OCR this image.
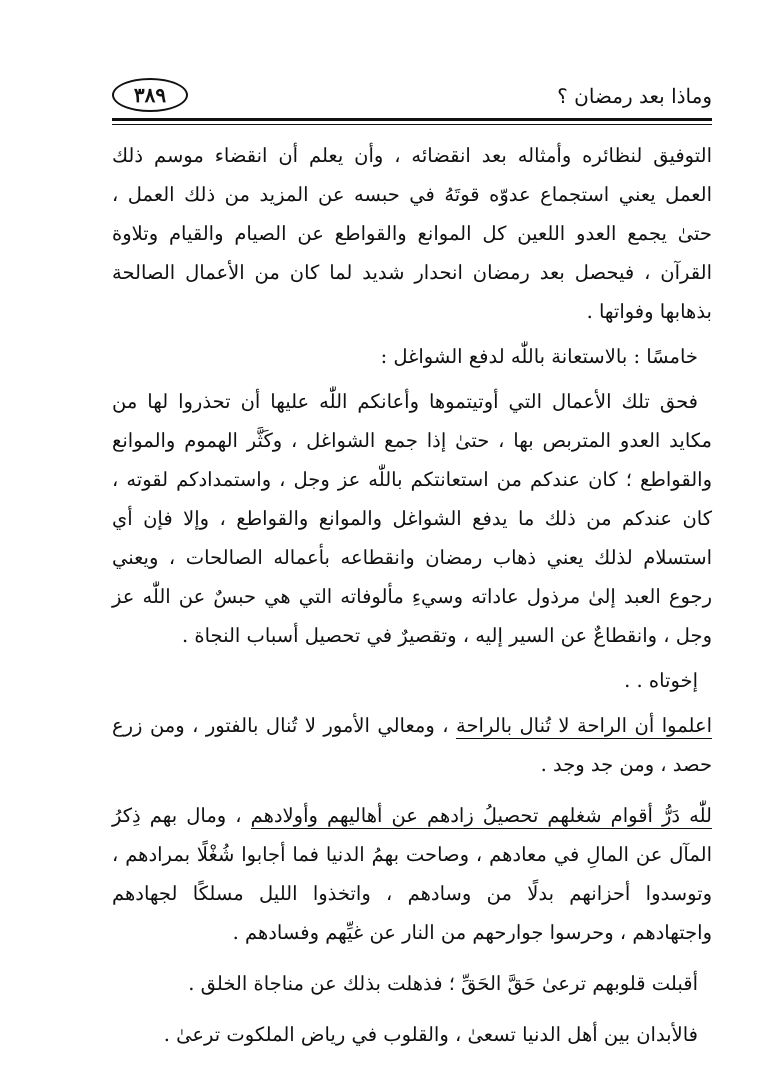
وماذا بعد رمضان ؟
٣٨٩

التوفيق لنظائره وأمثاله بعد انقضائه ، وأن يعلم أن انقضاء موسم ذلك العمل يعني استجماع عدوّه قوتَهُ في حبسه عن المزيد من ذلك العمل ، حتىٰ يجمع العدو اللعين كل الموانع والقواطع عن الصيام والقيام وتلاوة القرآن ، فيحصل بعد رمضان انحدار شديد لما كان من الأعمال الصالحة بذهابها وفواتها .

خامسًا : بالاستعانة باللّٰه لدفع الشواغل :

فحق تلك الأعمال التي أوتيتموها وأعانكم اللّٰه عليها أن تحذروا لها من مكايد العدو المتربص بها ، حتىٰ إذا جمع الشواغل ، وكَثَّر الهموم والموانع والقواطع ؛ كان عندكم من استعانتكم باللّٰه عز وجل ، واستمدادكم لقوته ، كان عندكم من ذلك ما يدفع الشواغل والموانع والقواطع ، وإلا فإن أي استسلام لذلك يعني ذهاب رمضان وانقطاعه بأعماله الصالحات ، ويعني رجوع العبد إلىٰ مرذول عاداته وسيءِ مألوفاته التي هي حبسٌ عن اللّٰه عز وجل ، وانقطاعٌ عن السير إليه ، وتقصيرٌ في تحصيل أسباب النجاة .

إخوتاه . .

اعلموا أن الراحة لا تُنال بالراحة ، ومعالي الأمور لا تُنال بالفتور ، ومن زرع حصد ، ومن جد وجد .

للّٰه دَرُّ أقوام شغلهم تحصيلُ زادهم عن أهاليهم وأولادهم ، ومال بهم ذِكرُ المآل عن المالِ في معادهم ، وصاحت بهمُ الدنيا فما أجابوا شُغْلًا بمرادهم ، وتوسدوا أحزانهم بدلًا من وسادهم ، واتخذوا الليل مسلكًا لجهادهم واجتهادهم ، وحرسوا جوارحهم من النار عن غيِّهم وفسادهم .

أقبلت قلوبهم ترعىٰ حَقَّ الحَقِّ ؛ فذهلت بذلك عن مناجاة الخلق .

فالأبدان بين أهل الدنيا تسعىٰ ، والقلوب في رياض الملكوت ترعىٰ .
